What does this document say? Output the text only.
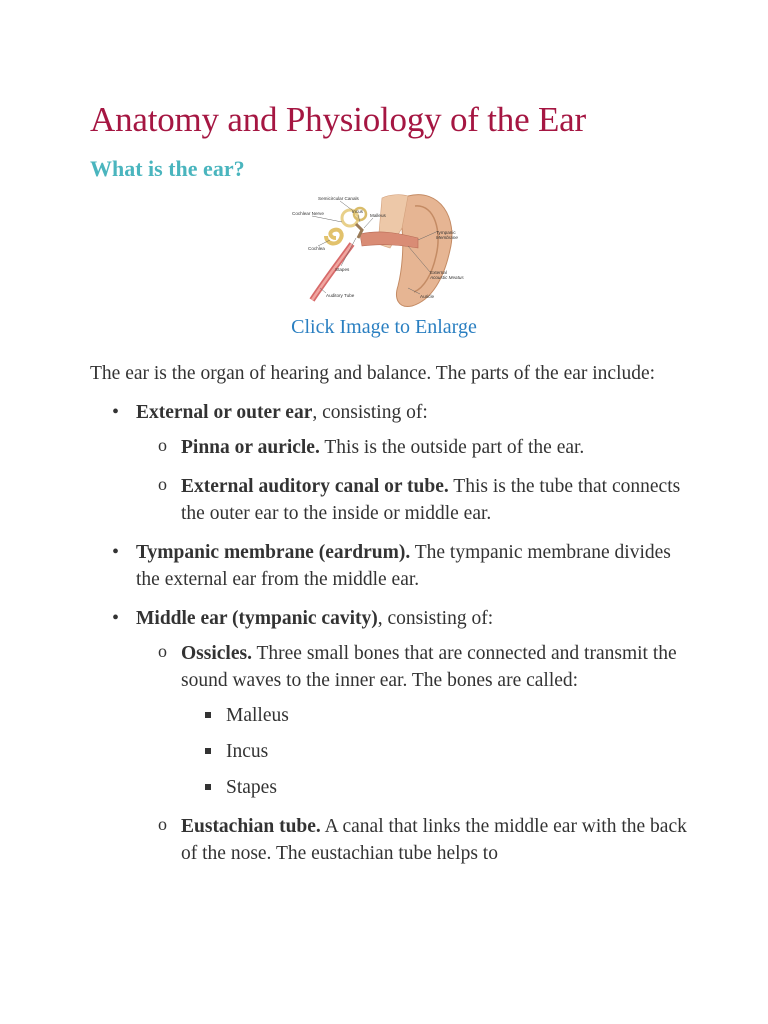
Anatomy and Physiology of the Ear
What is the ear?
Semicircular Canals
Cochlear Nerve	Incus
Malleus
Tympanic
Membrane
Cochlea
Stapes
External
Acoustic Meatus
Auditory Tube	Auricle
Click Image to Enlarge

The ear is the organ of hearing and balance. The parts of the ear include:

• External or outer ear, consisting of:
o Pinna or auricle. This is the outside part of the ear.
o External auditory canal or tube. This is the tube that connects the outer ear to the inside or middle ear.
• Tympanic membrane (eardrum). The tympanic membrane divides the external ear from the middle ear.
• Middle ear (tympanic cavity), consisting of:
o Ossicles. Three small bones that are connected and transmit the sound waves to the inner ear. The bones are called:
Malleus
Incus
Stapes
o Eustachian tube. A canal that links the middle ear with the back of the nose. The eustachian tube helps to
